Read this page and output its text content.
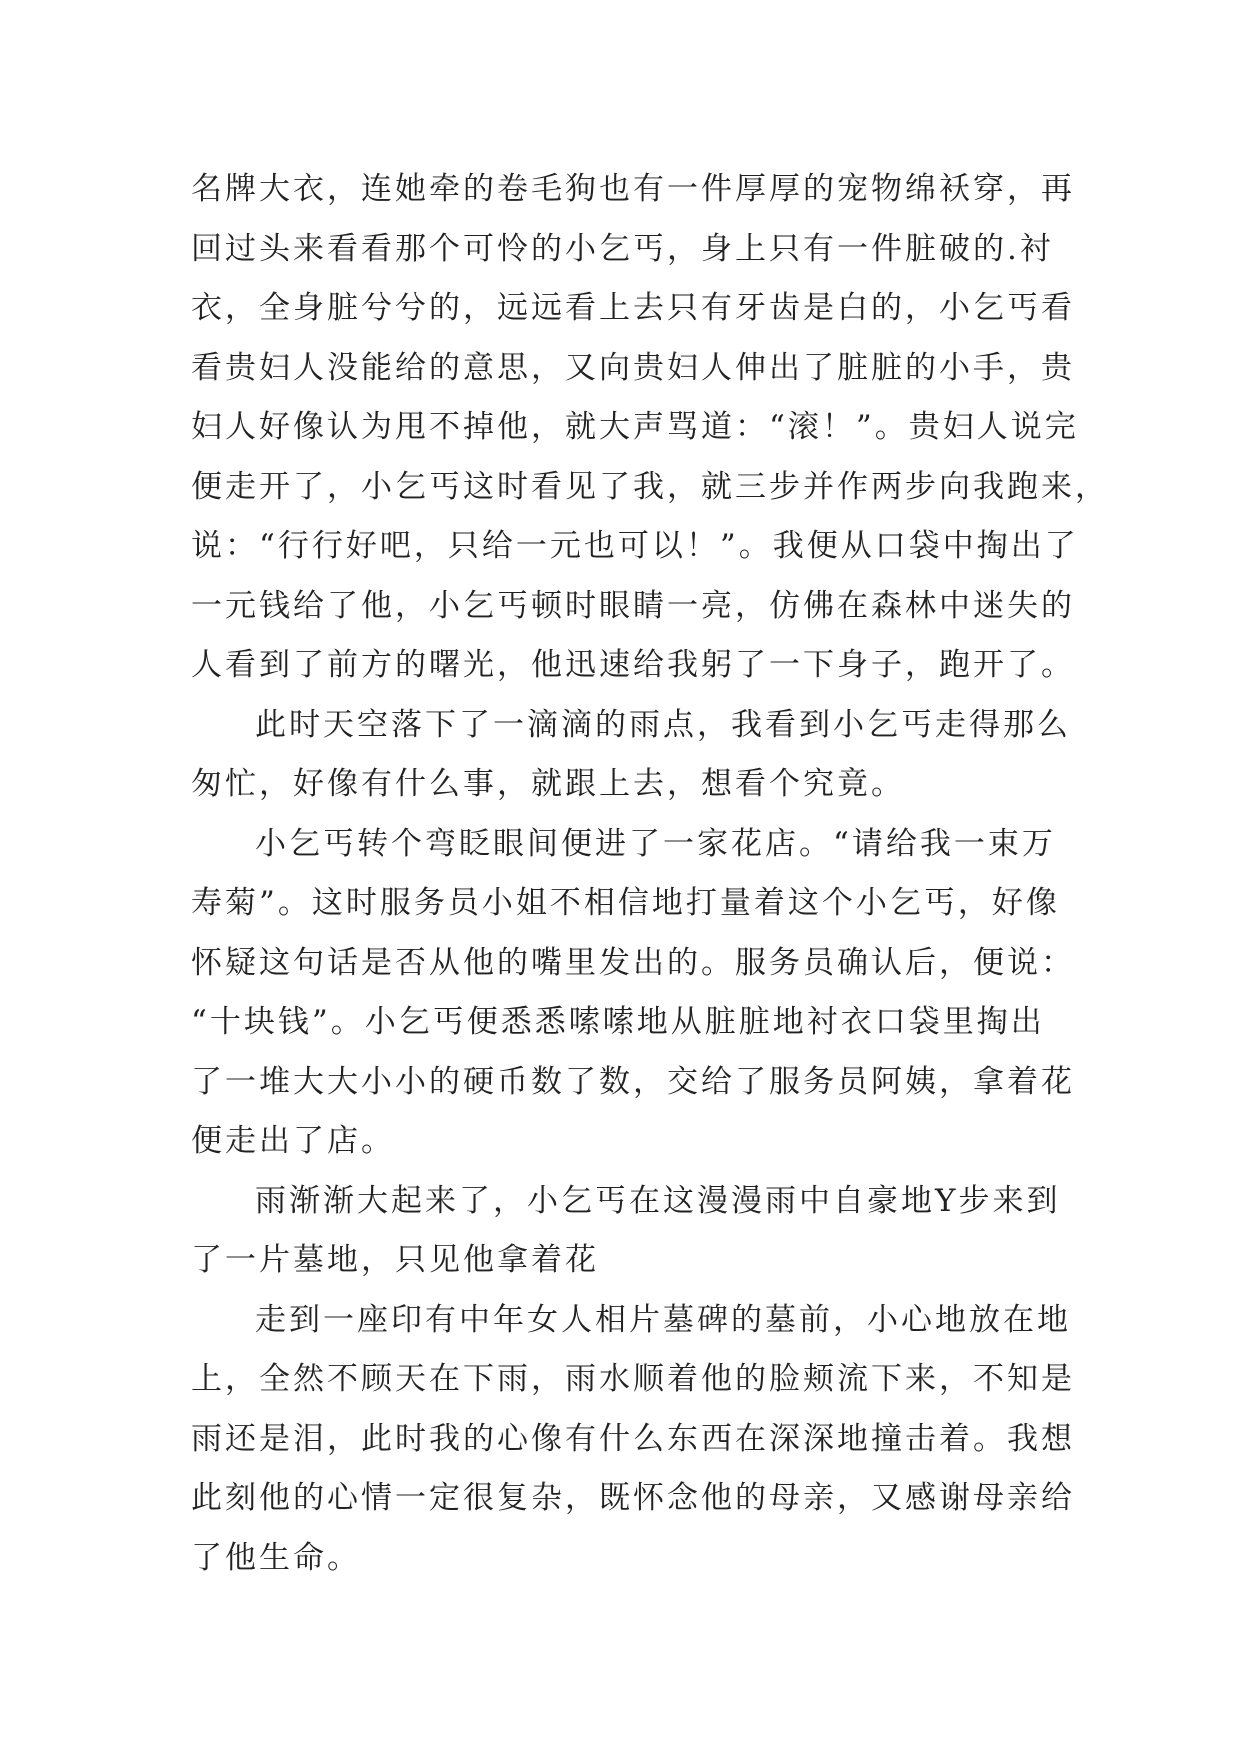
名牌大衣，连她牵的卷毛狗也有一件厚厚的宠物绵袄穿，再
回过头来看看那个可怜的小乞丐，身上只有一件脏破的.衬
衣，全身脏兮兮的，远远看上去只有牙齿是白的，小乞丐看
看贵妇人没能给的意思，又向贵妇人伸出了脏脏的小手，贵
妇人好像认为甩不掉他，就大声骂道：“滚！”。贵妇人说完
便走开了，小乞丐这时看见了我，就三步并作两步向我跑来，
说：“行行好吧，只给一元也可以！”。我便从口袋中掏出了
一元钱给了他，小乞丐顿时眼睛一亮，仿佛在森林中迷失的
人看到了前方的曙光，他迅速给我躬了一下身子，跑开了。
此时天空落下了一滴滴的雨点，我看到小乞丐走得那么
匆忙，好像有什么事，就跟上去，想看个究竟。
小乞丐转个弯眨眼间便进了一家花店。“请给我一束万
寿菊”。这时服务员小姐不相信地打量着这个小乞丐，好像
怀疑这句话是否从他的嘴里发出的。服务员确认后，便说：
“十块钱”。小乞丐便悉悉嗦嗦地从脏脏地衬衣口袋里掏出
了一堆大大小小的硬币数了数，交给了服务员阿姨，拿着花
便走出了店。
雨渐渐大起来了，小乞丐在这漫漫雨中自豪地Y步来到
了一片墓地，只见他拿着花
走到一座印有中年女人相片墓碑的墓前，小心地放在地
上，全然不顾天在下雨，雨水顺着他的脸颊流下来，不知是
雨还是泪，此时我的心像有什么东西在深深地撞击着。我想
此刻他的心情一定很复杂，既怀念他的母亲，又感谢母亲给
了他生命。
